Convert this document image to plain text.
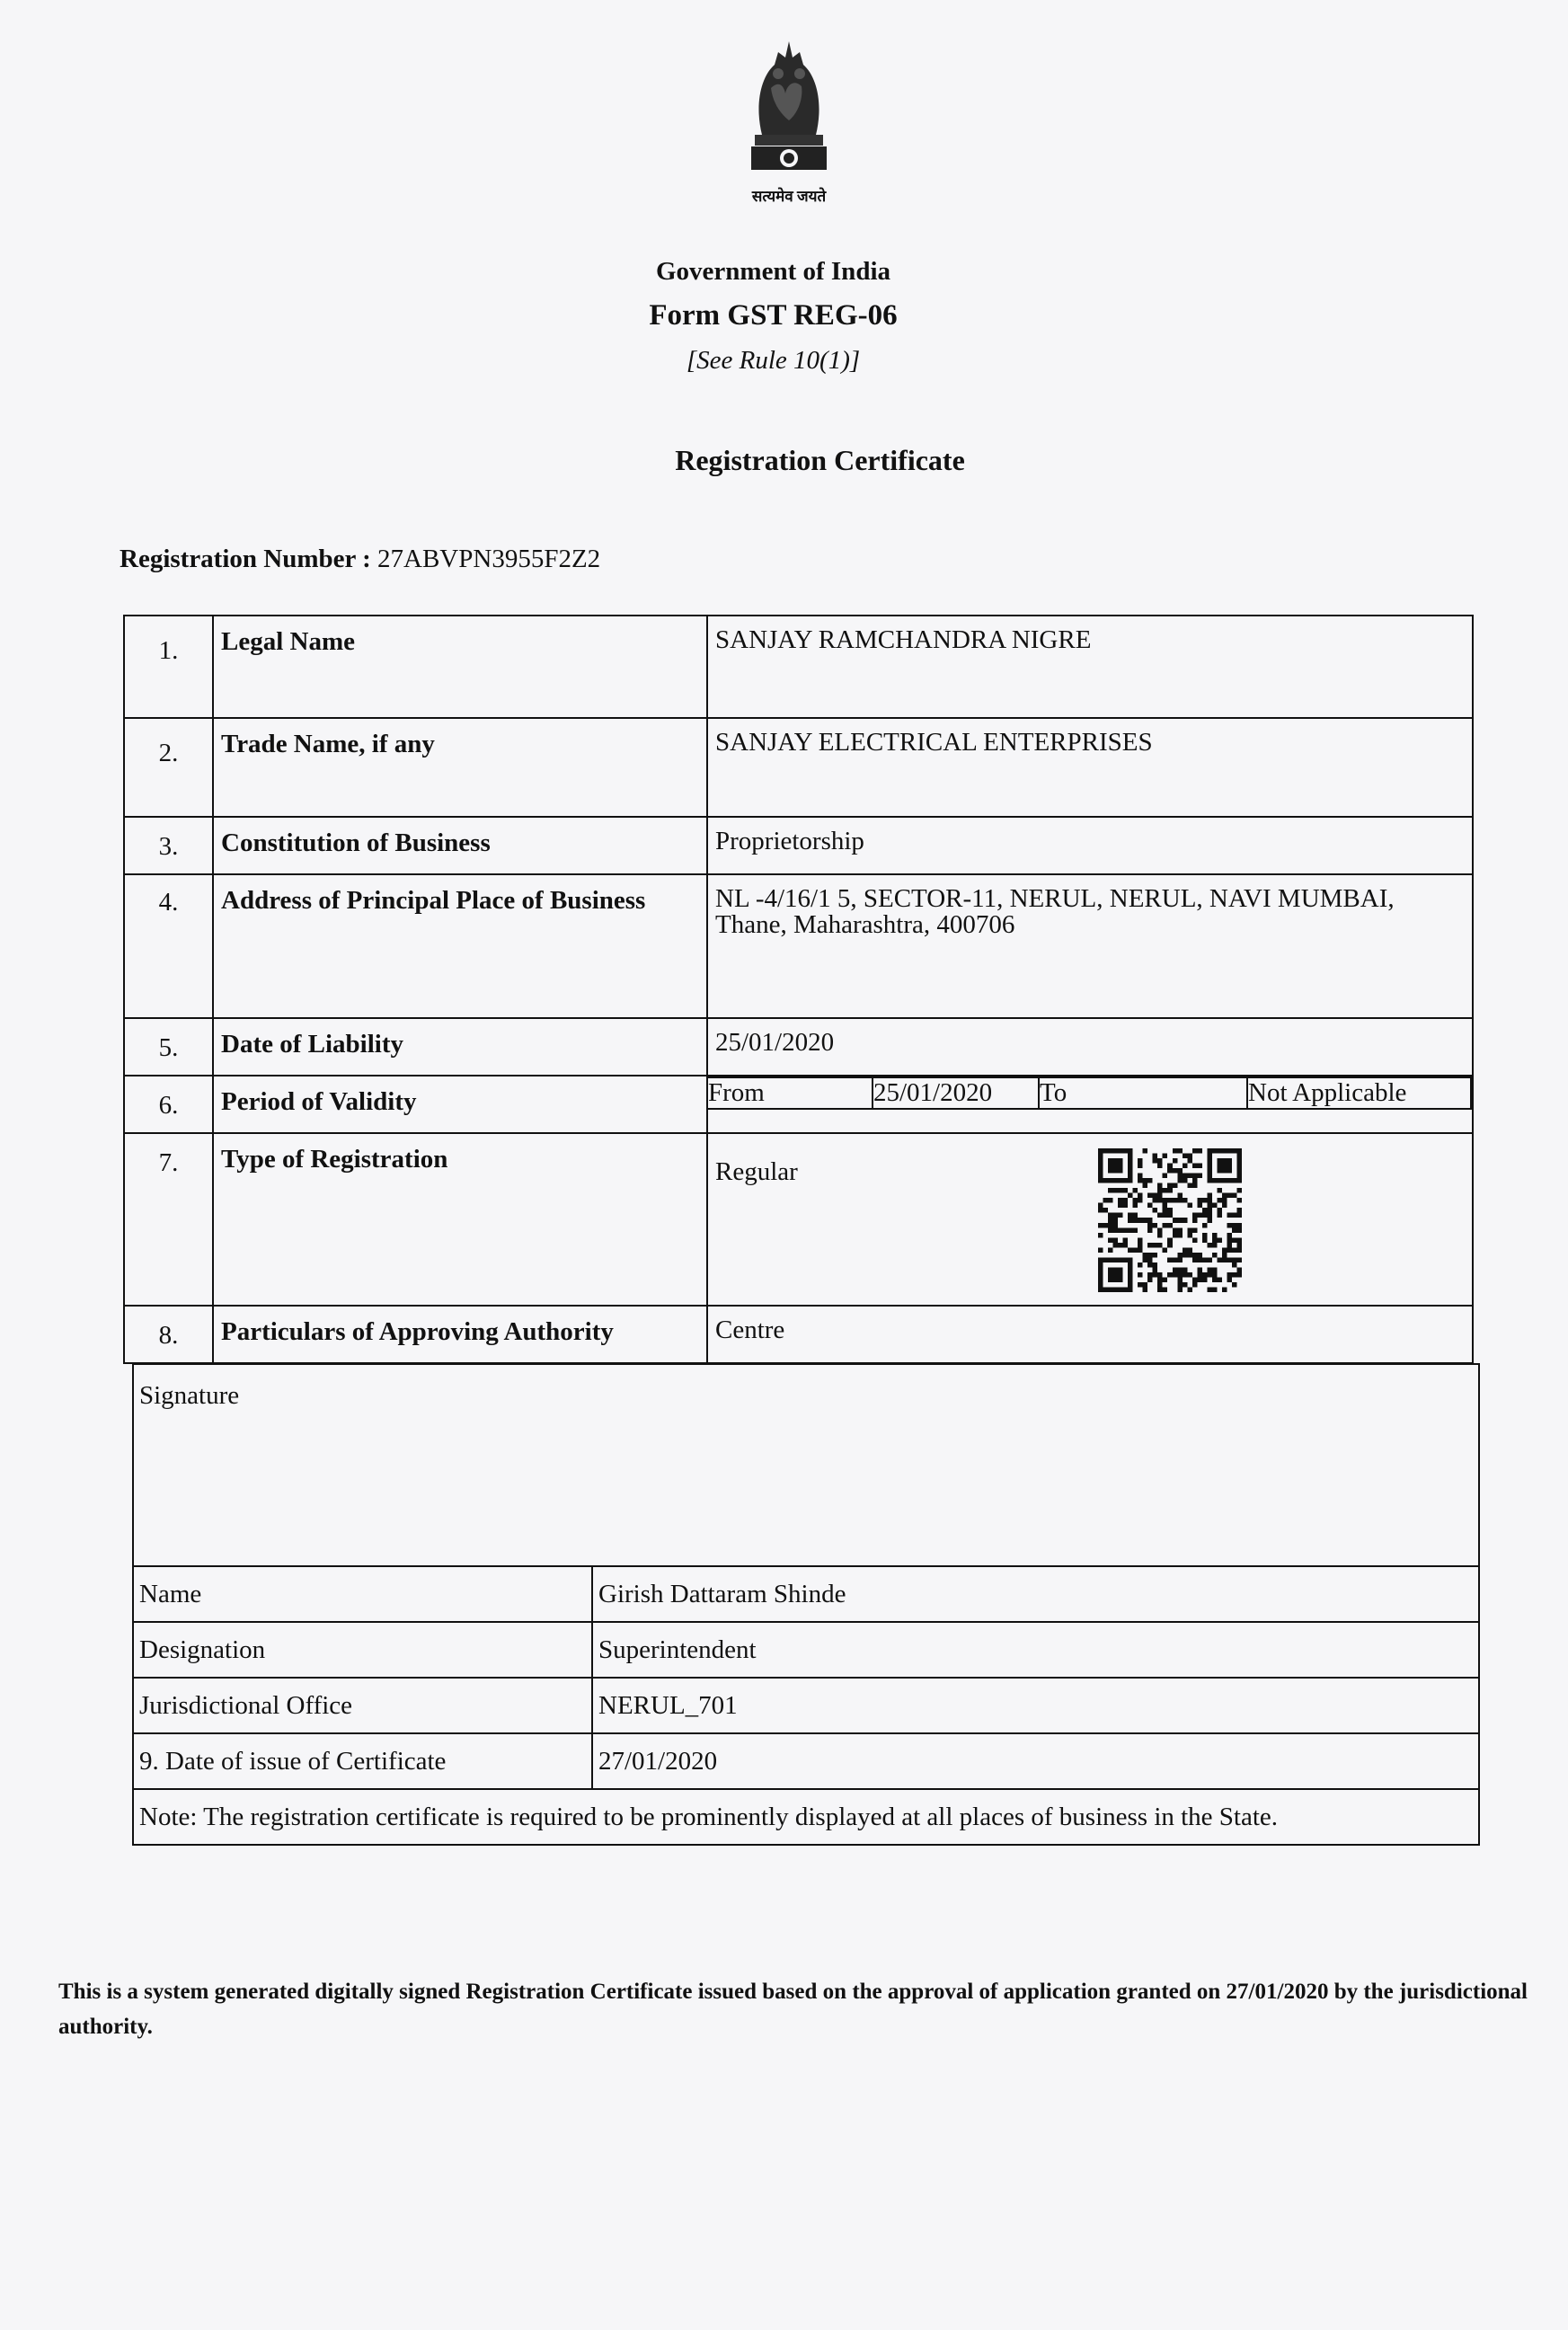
सत्यमेव जयते
Government of India
Form GST REG-06
[See Rule 10(1)]
Registration Certificate
Registration Number : 27ABVPN3955F2Z2
1.	Legal Name	SANJAY RAMCHANDRA NIGRE
2.	Trade Name, if any	SANJAY ELECTRICAL ENTERPRISES
3.	Constitution of Business	Proprietorship
4.	Address of Principal Place of Business	NL -4/16/1 5, SECTOR-11, NERUL, NERUL, NAVI MUMBAI, Thane, Maharashtra, 400706
5.	Date of Liability	25/01/2020
6.	Period of Validity		From	25/01/2020	To	Not Applicable

7.	Type of Registration	Regular
8.	Particulars of Approving Authority	Centre
Signature	
Name	Girish Dattaram Shinde
Designation	Superintendent
Jurisdictional Office	NERUL_701
9. Date of issue of Certificate	27/01/2020
Note: The registration certificate is required to be prominently displayed at all places of business in the State.	
This is a system generated digitally signed Registration Certificate issued based on the approval of application granted on 27/01/2020 by the jurisdictional authority.
